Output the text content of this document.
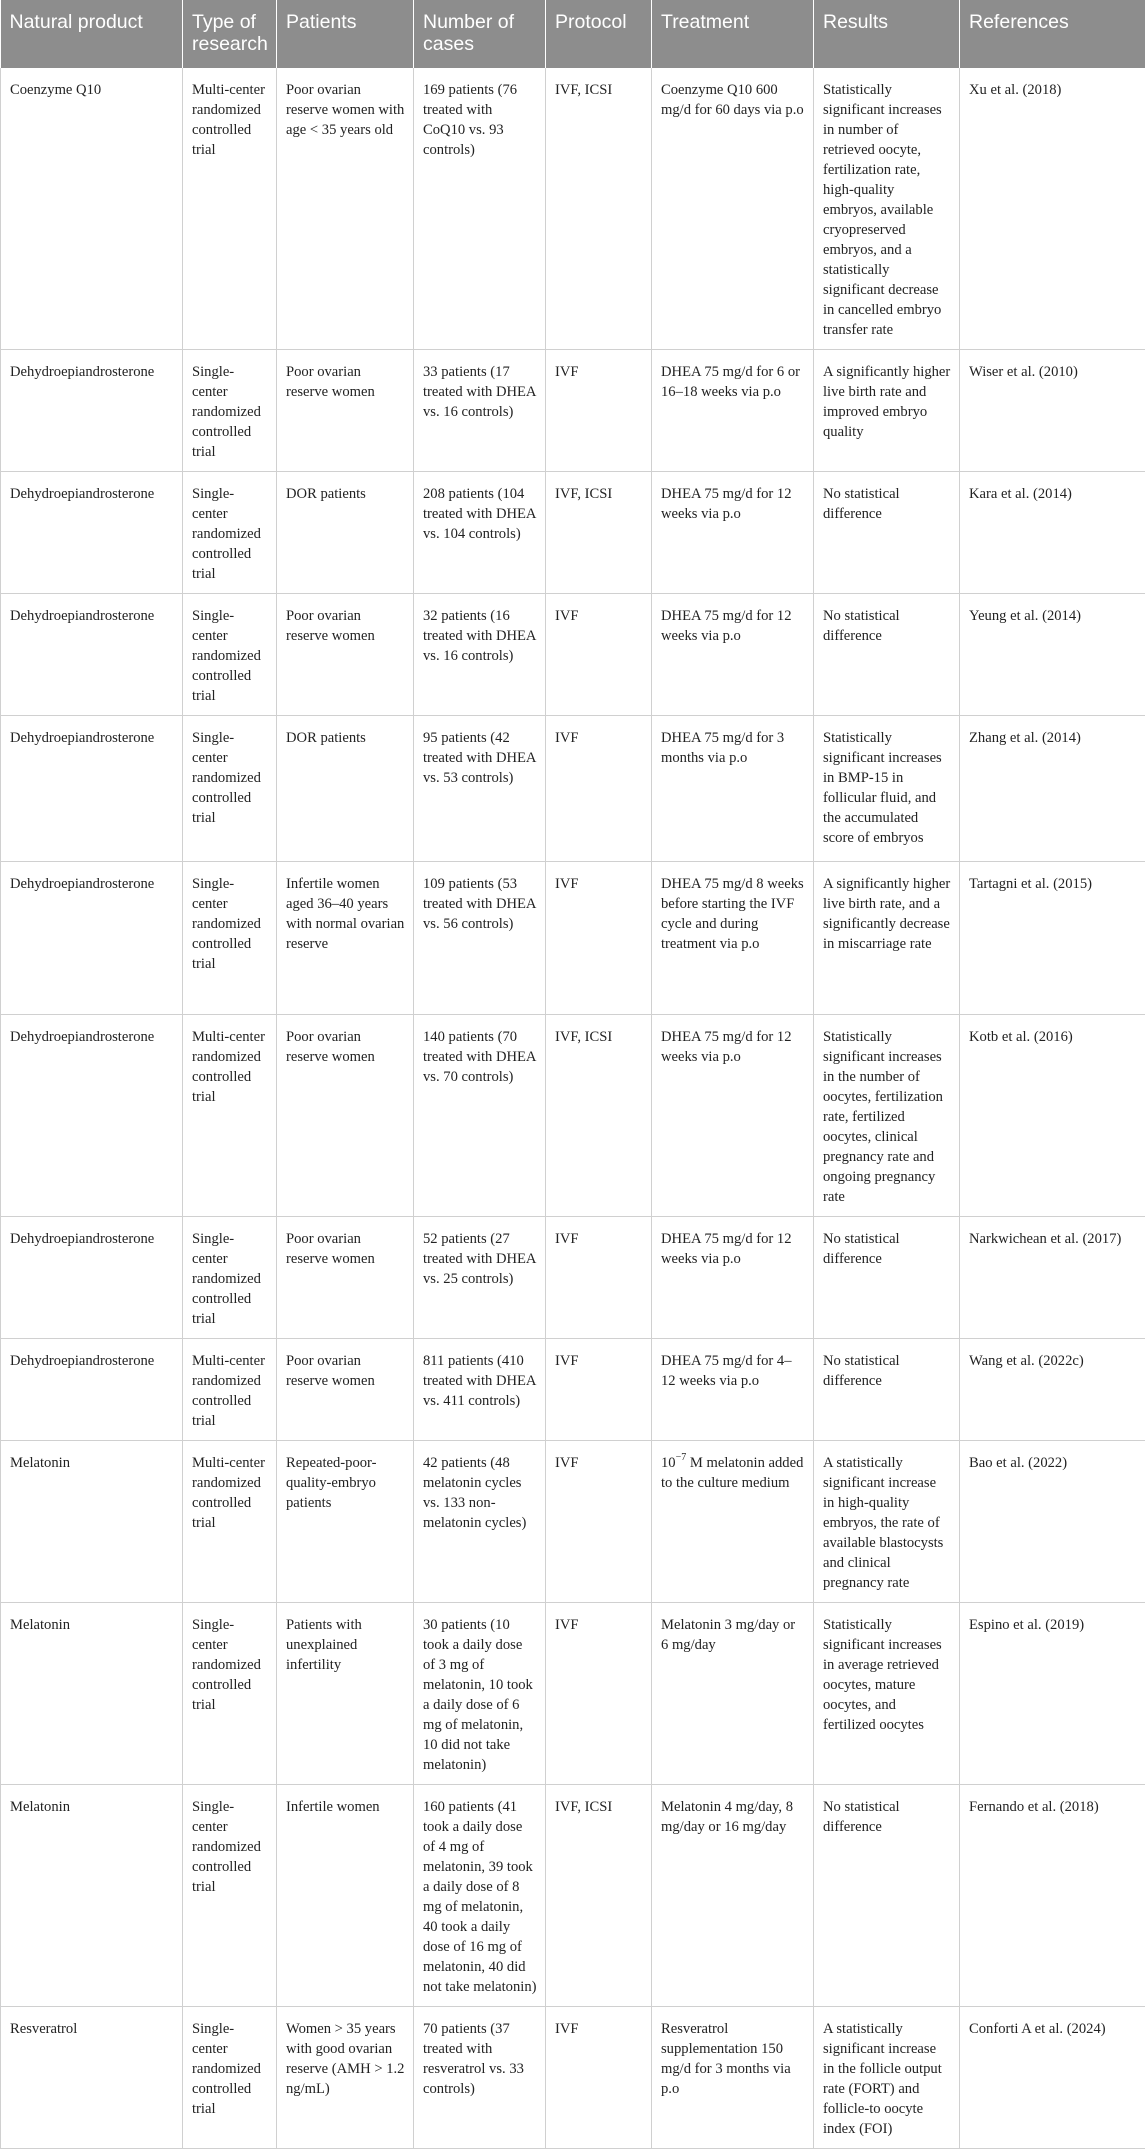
Natural product	Type of research	Patients	Number of cases	Protocol	Treatment	Results	References
Coenzyme Q10	Multi-center randomized controlled trial	Poor ovarian reserve women with age < 35 years old	169 patients (76 treated with CoQ10 vs. 93 controls)	IVF, ICSI	Coenzyme Q10 600 mg/d for 60 days via p.o	Statistically significant increases in number of retrieved oocyte, fertilization rate, high-quality embryos, available cryopreserved embryos, and a statistically significant decrease in cancelled embryo transfer rate	Xu et al. (2018)
Dehydroepiandrosterone	Single-center randomized controlled trial	Poor ovarian reserve women	33 patients (17 treated with DHEA vs. 16 controls)	IVF	DHEA 75 mg/d for 6 or 16–18 weeks via p.o	A significantly higher live birth rate and improved embryo quality	Wiser et al. (2010)
Dehydroepiandrosterone	Single-center randomized controlled trial	DOR patients	208 patients (104 treated with DHEA vs. 104 controls)	IVF, ICSI	DHEA 75 mg/d for 12 weeks via p.o	No statistical difference	Kara et al. (2014)
Dehydroepiandrosterone	Single-center randomized controlled trial	Poor ovarian reserve women	32 patients (16 treated with DHEA vs. 16 controls)	IVF	DHEA 75 mg/d for 12 weeks via p.o	No statistical difference	Yeung et al. (2014)
Dehydroepiandrosterone	Single-center randomized controlled trial	DOR patients	95 patients (42 treated with DHEA vs. 53 controls)	IVF	DHEA 75 mg/d for 3 months via p.o	Statistically significant increases in BMP-15 in follicular fluid, and the accumulated score of embryos	Zhang et al. (2014)
Dehydroepiandrosterone	Single-center randomized controlled trial	Infertile women aged 36–40 years with normal ovarian reserve	109 patients (53 treated with DHEA vs. 56 controls)	IVF	DHEA 75 mg/d 8 weeks before starting the IVF cycle and during treatment via p.o	A significantly higher live birth rate, and a significantly decrease in miscarriage rate	Tartagni et al. (2015)
Dehydroepiandrosterone	Multi-center randomized controlled trial	Poor ovarian reserve women	140 patients (70 treated with DHEA vs. 70 controls)	IVF, ICSI	DHEA 75 mg/d for 12 weeks via p.o	Statistically significant increases in the number of oocytes, fertilization rate, fertilized oocytes, clinical pregnancy rate and ongoing pregnancy rate	Kotb et al. (2016)
Dehydroepiandrosterone	Single-center randomized controlled trial	Poor ovarian reserve women	52 patients (27 treated with DHEA vs. 25 controls)	IVF	DHEA 75 mg/d for 12 weeks via p.o	No statistical difference	Narkwichean et al. (2017)
Dehydroepiandrosterone	Multi-center randomized controlled trial	Poor ovarian reserve women	811 patients (410 treated with DHEA vs. 411 controls)	IVF	DHEA 75 mg/d for 4–12 weeks via p.o	No statistical difference	Wang et al. (2022c)
Melatonin	Multi-center randomized controlled trial	Repeated-poor-quality-embryo patients	42 patients (48 melatonin cycles vs. 133 non-melatonin cycles)	IVF	$10^{-7}$ M melatonin added to the culture medium	A statistically significant increase in high-quality embryos, the rate of available blastocysts and clinical pregnancy rate	Bao et al. (2022)
Melatonin	Single-center randomized controlled trial	Patients with unexplained infertility	30 patients (10 took a daily dose of 3 mg of melatonin, 10 took a daily dose of 6 mg of melatonin, 10 did not take melatonin)	IVF	Melatonin 3 mg/day or 6 mg/day	Statistically significant increases in average retrieved oocytes, mature oocytes, and fertilized oocytes	Espino et al. (2019)
Melatonin	Single-center randomized controlled trial	Infertile women	160 patients (41 took a daily dose of 4 mg of melatonin, 39 took a daily dose of 8 mg of melatonin, 40 took a daily dose of 16 mg of melatonin, 40 did not take melatonin)	IVF, ICSI	Melatonin 4 mg/day, 8 mg/day or 16 mg/day	No statistical difference	Fernando et al. (2018)
Resveratrol	Single-center randomized controlled trial	Women > 35 years with good ovarian reserve (AMH > 1.2 ng/mL)	70 patients (37 treated with resveratrol vs. 33 controls)	IVF	Resveratrol supplementation 150 mg/d for 3 months via p.o	A statistically significant increase in the follicle output rate (FORT) and follicle-to oocyte index (FOI)	Conforti A et al. (2024)
